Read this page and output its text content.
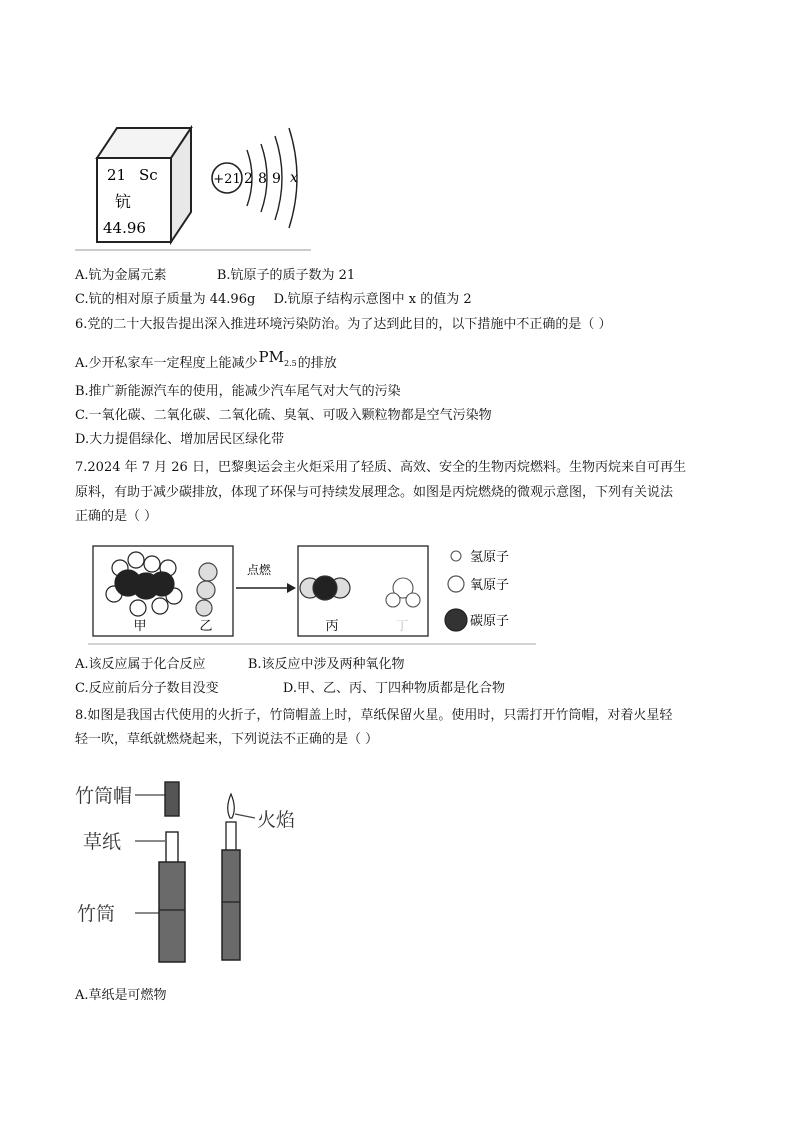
21 Sc
钪
44.96
+21 2 8 9 x
A.钪为金属元素	B.钪原子的质子数为 21
C.钪的相对原子质量为 44.96g D.钪原子结构示意图中 x 的值为 2
6.党的二十大报告提出深入推进环境污染防治。为了达到此目的，以下措施中不正确的是（ ）
A.少开私家车一定程度上能减少$PM_{2.5}$的排放
B.推广新能源汽车的使用，能减少汽车尾气对大气的污染
C.一氧化碳、二氧化碳、二氧化硫、臭氧、可吸入颗粒物都是空气污染物
D.大力提倡绿化、增加居民区绿化带
7.2024 年 7 月 26 日，巴黎奥运会主火炬采用了轻质、高效、安全的生物丙烷燃料。生物丙烷来自可再生
原料，有助于减少碳排放，体现了环保与可持续发展理念。如图是丙烷燃烧的微观示意图，下列有关说法
正确的是（ ）
甲	乙
点燃
丙	丁
氢原子
氧原子
碳原子
A.该反应属于化合反应	B.该反应中涉及两种氧化物
C.反应前后分子数目没变	D.甲、乙、丙、丁四种物质都是化合物
8.如图是我国古代使用的火折子，竹筒帽盖上时，草纸保留火星。使用时，只需打开竹筒帽，对着火星轻
轻一吹，草纸就燃烧起来，下列说法不正确的是（ ）
竹筒帽
草纸
竹筒
火焰
A.草纸是可燃物
